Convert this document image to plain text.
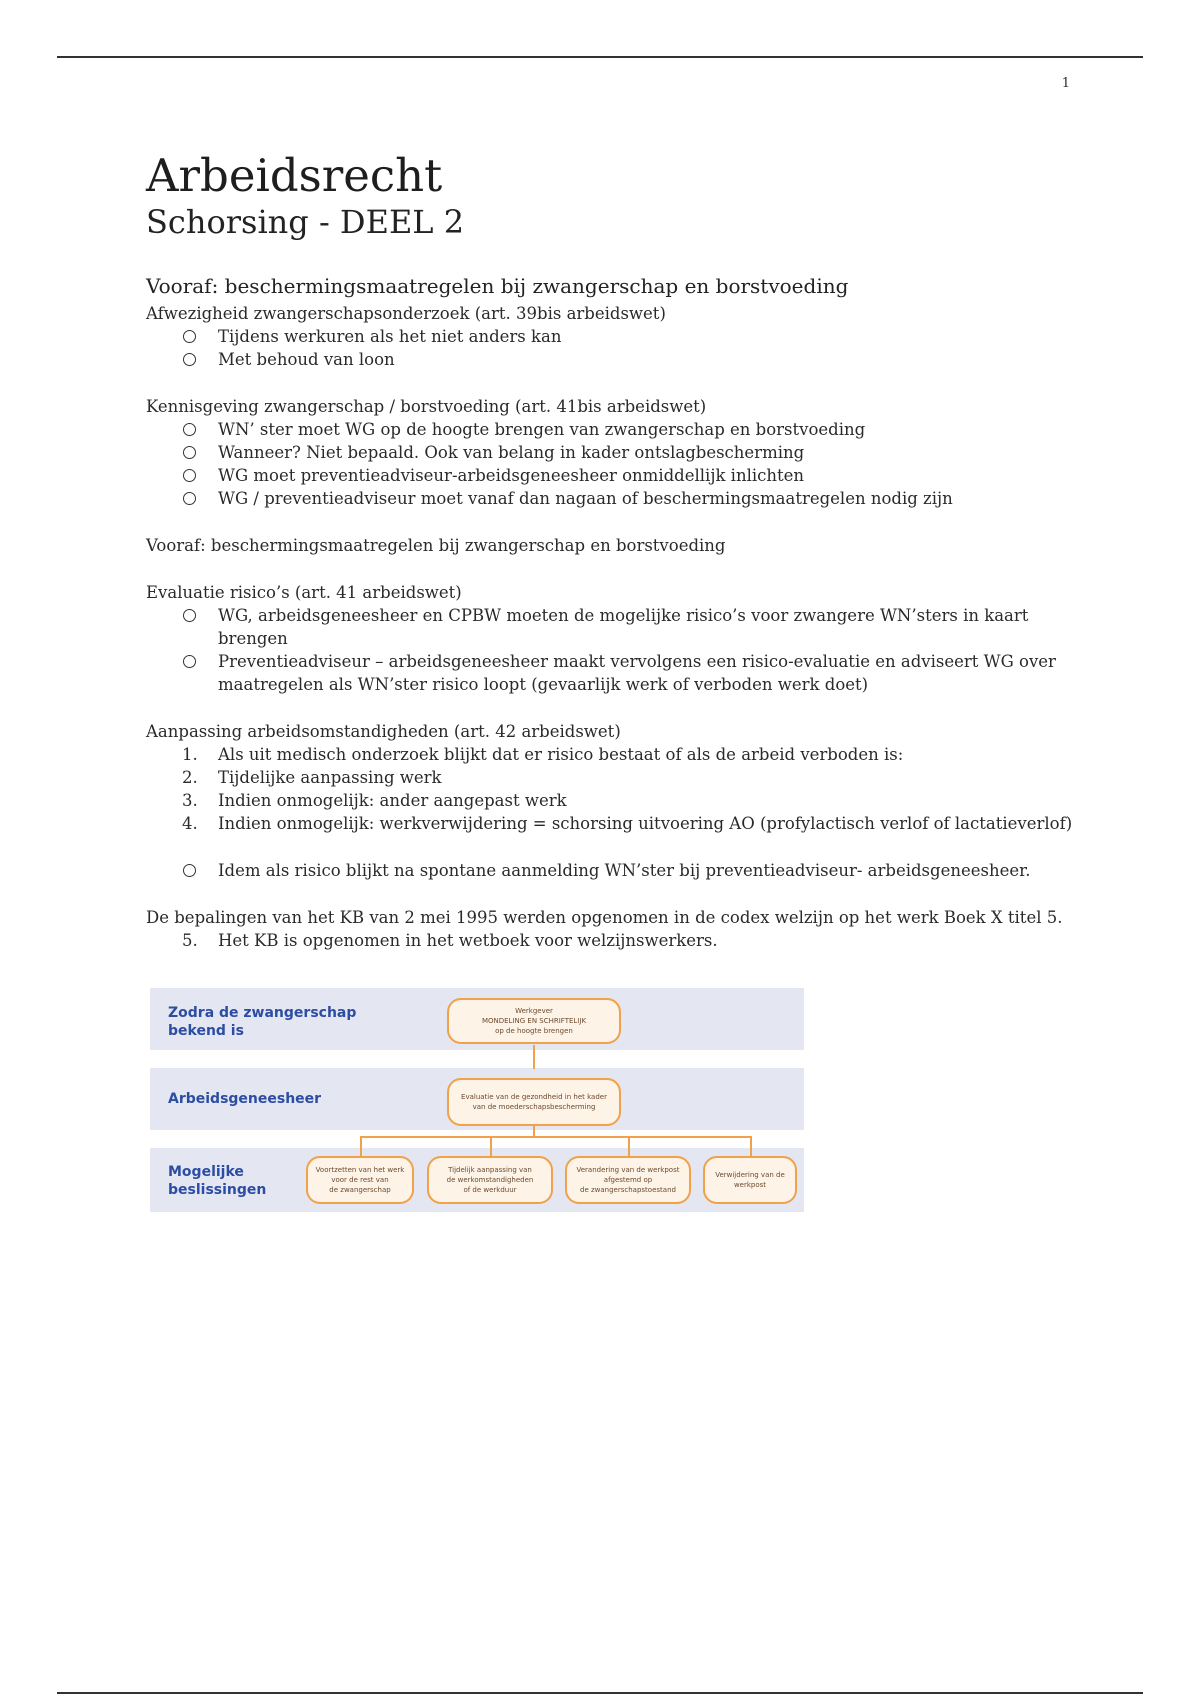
1
Arbeidsrecht
Schorsing - DEEL 2
Vooraf: beschermingsmaatregelen bij zwangerschap en borstvoeding

Afwezigheid zwangerschapsonderzoek (art. 39bis arbeidswet)

Tijdens werkuren als het niet anders kan
Met behoud van loon

Kennisgeving zwangerschap / borstvoeding (art. 41bis arbeidswet)

WN’ ster moet WG op de hoogte brengen van zwangerschap en borstvoeding
Wanneer? Niet bepaald. Ook van belang in kader ontslagbescherming
WG moet preventieadviseur-arbeidsgeneesheer onmiddellijk inlichten
WG / preventieadviseur moet vanaf dan nagaan of beschermingsmaatregelen nodig zijn

Vooraf: beschermingsmaatregelen bij zwangerschap en borstvoeding

Evaluatie risico’s (art. 41 arbeidswet)

WG, arbeidsgeneesheer en CPBW moeten de mogelijke risico’s voor zwangere WN’sters in kaart brengen
Preventieadviseur – arbeidsgeneesheer maakt vervolgens een risico-evaluatie en adviseert WG over maatregelen als WN’ster risico loopt (gevaarlijk werk of verboden werk doet)

Aanpassing arbeidsomstandigheden (art. 42 arbeidswet)

1. Als uit medisch onderzoek blijkt dat er risico bestaat of als de arbeid verboden is:
2. Tijdelijke aanpassing werk
3. Indien onmogelijk: ander aangepast werk
4. Indien onmogelijk: werkverwijdering = schorsing uitvoering AO (profylactisch verlof of lactatieverlof)
Idem als risico blijkt na spontane aanmelding WN’ster bij preventieadviseur- arbeidsgeneesheer.

De bepalingen van het KB van 2 mei 1995 werden opgenomen in de codex welzijn op het werk Boek X titel 5.

5. Het KB is opgenomen in het wetboek voor welzijnswerkers.
Zodra de zwangerschap
bekend is
Arbeidsgeneesheer
Mogelijke
beslissingen
Werkgever
MONDELING EN SCHRIFTELIJK
op de hoogte brengen
Evaluatie van de gezondheid in het kader
van de moederschapsbescherming
Voortzetten van het werk
voor de rest van
de zwangerschap
Tijdelijk aanpassing van
de werkomstandigheden
of de werkduur
Verandering van de werkpost
afgestemd op
de zwangerschapstoestand
Verwijdering van de
werkpost
